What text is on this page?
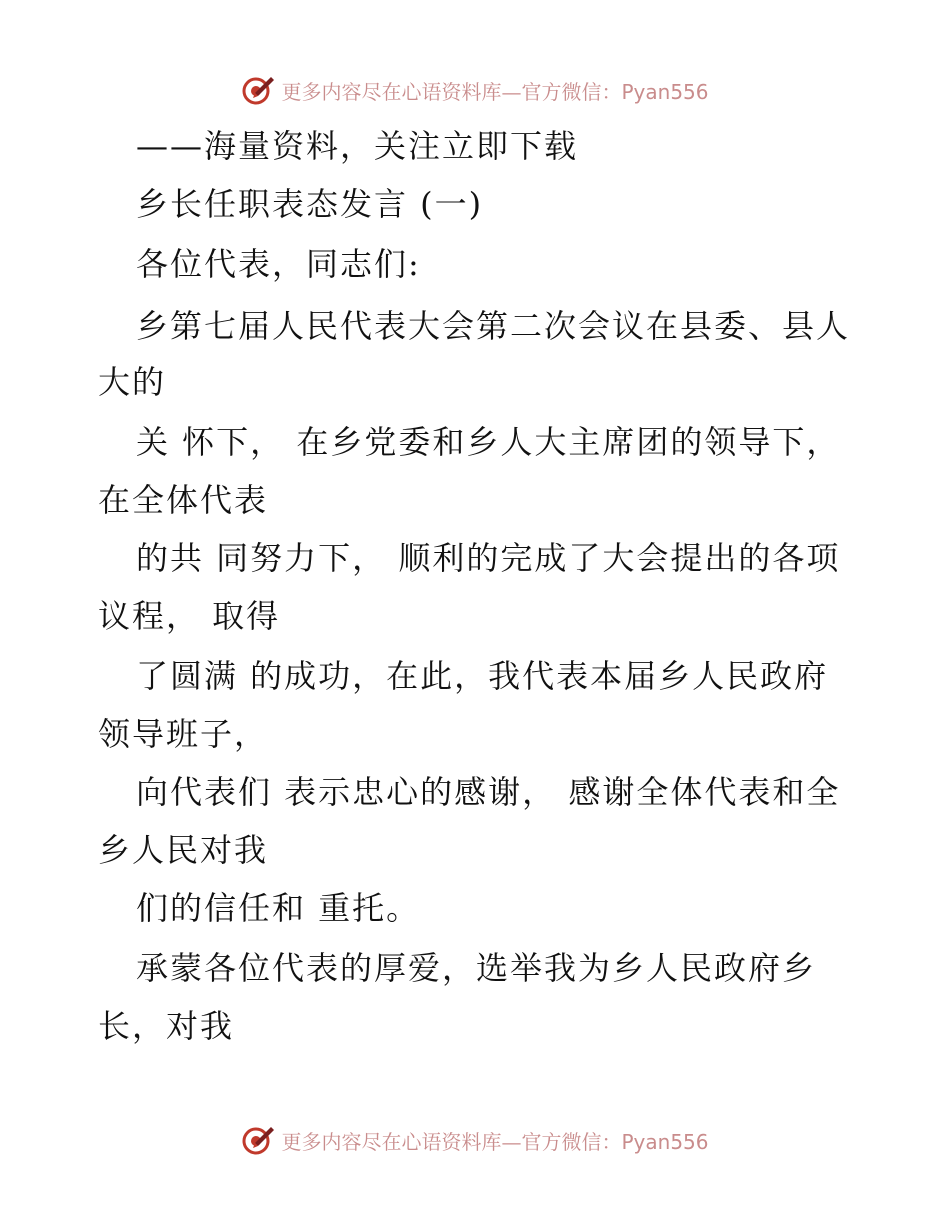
更多内容尽在心语资料库—官方微信：Pyan556
——海量资料，关注立即下载
乡长任职表态发言 (一)
各位代表，同志们:
乡第七届人民代表大会第二次会议在县委、县人
大的
关 怀下， 在乡党委和乡人大主席团的领导下，
在全体代表
的共 同努力下， 顺利的完成了大会提出的各项
议程， 取得
了圆满 的成功，在此，我代表本届乡人民政府
领导班子，
向代表们 表示忠心的感谢， 感谢全体代表和全
乡人民对我
们的信任和 重托。
承蒙各位代表的厚爱，选举我为乡人民政府乡
长，对我
更多内容尽在心语资料库—官方微信：Pyan556
